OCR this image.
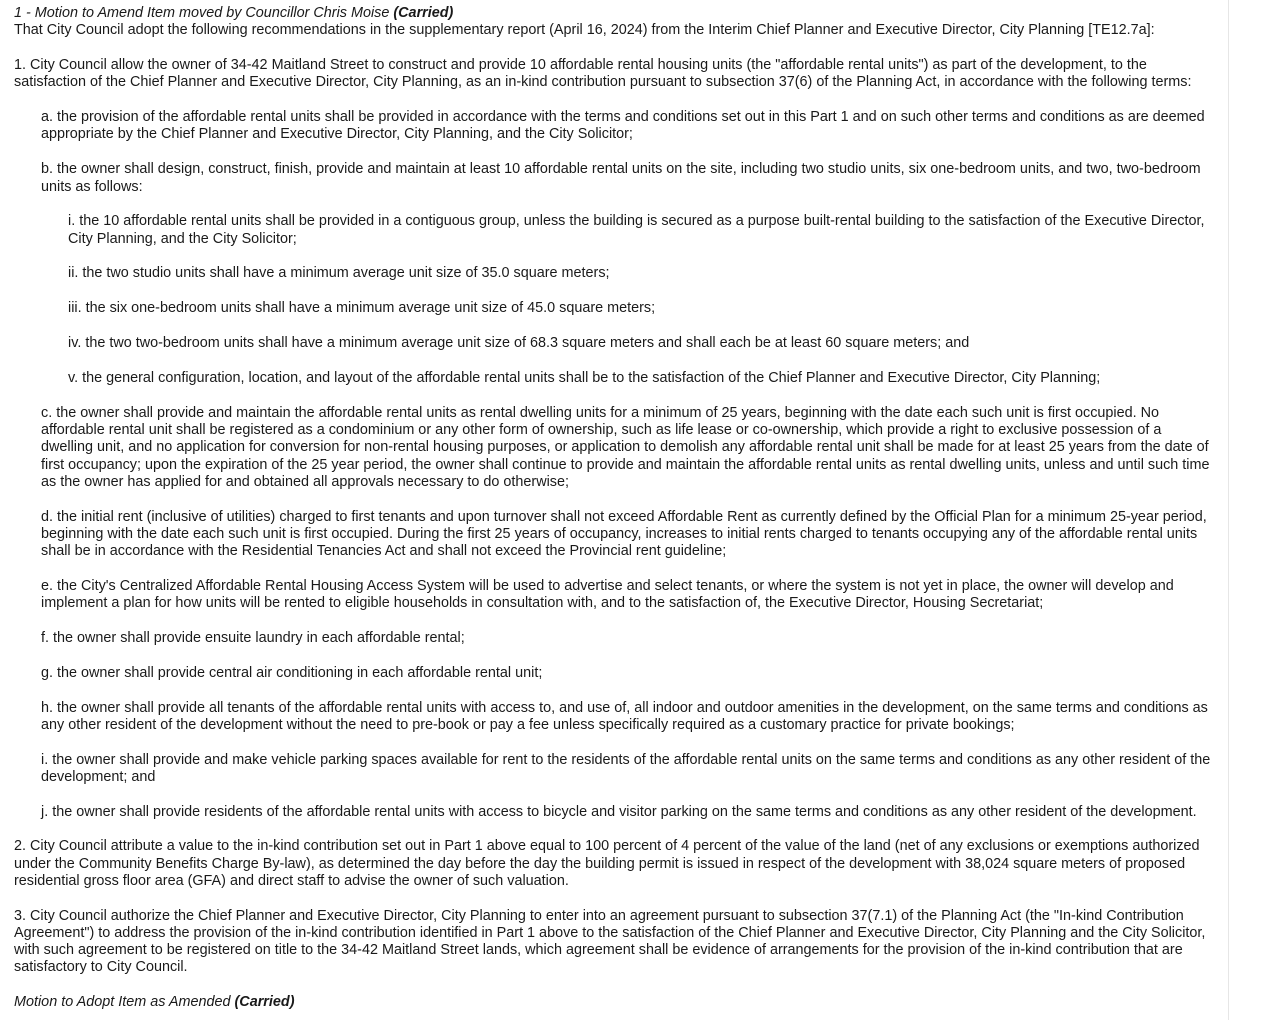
1 - Motion to Amend Item moved by Councillor Chris Moise (Carried)

That City Council adopt the following recommendations in the supplementary report (April 16, 2024) from the Interim Chief Planner and Executive Director, City Planning [TE12.7a]:

1. City Council allow the owner of 34-42 Maitland Street to construct and provide 10 affordable rental housing units (the "affordable rental units") as part of the development, to the satisfaction of the Chief Planner and Executive Director, City Planning, as an in-kind contribution pursuant to subsection 37(6) of the Planning Act, in accordance with the following terms:

a. the provision of the affordable rental units shall be provided in accordance with the terms and conditions set out in this Part 1 and on such other terms and conditions as are deemed appropriate by the Chief Planner and Executive Director, City Planning, and the City Solicitor;

b. the owner shall design, construct, finish, provide and maintain at least 10 affordable rental units on the site, including two studio units, six one-bedroom units, and two, two-bedroom units as follows:

i. the 10 affordable rental units shall be provided in a contiguous group, unless the building is secured as a purpose built-rental building to the satisfaction of the Executive Director, City Planning, and the City Solicitor;

ii. the two studio units shall have a minimum average unit size of 35.0 square meters;

iii. the six one-bedroom units shall have a minimum average unit size of 45.0 square meters;

iv. the two two-bedroom units shall have a minimum average unit size of 68.3 square meters and shall each be at least 60 square meters; and

v. the general configuration, location, and layout of the affordable rental units shall be to the satisfaction of the Chief Planner and Executive Director, City Planning;

c. the owner shall provide and maintain the affordable rental units as rental dwelling units for a minimum of 25 years, beginning with the date each such unit is first occupied. No affordable rental unit shall be registered as a condominium or any other form of ownership, such as life lease or co-ownership, which provide a right to exclusive possession of a dwelling unit, and no application for conversion for non-rental housing purposes, or application to demolish any affordable rental unit shall be made for at least 25 years from the date of first occupancy; upon the expiration of the 25 year period, the owner shall continue to provide and maintain the affordable rental units as rental dwelling units, unless and until such time as the owner has applied for and obtained all approvals necessary to do otherwise;

d. the initial rent (inclusive of utilities) charged to first tenants and upon turnover shall not exceed Affordable Rent as currently defined by the Official Plan for a minimum 25-year period, beginning with the date each such unit is first occupied. During the first 25 years of occupancy, increases to initial rents charged to tenants occupying any of the affordable rental units shall be in accordance with the Residential Tenancies Act and shall not exceed the Provincial rent guideline;

e. the City's Centralized Affordable Rental Housing Access System will be used to advertise and select tenants, or where the system is not yet in place, the owner will develop and implement a plan for how units will be rented to eligible households in consultation with, and to the satisfaction of, the Executive Director, Housing Secretariat;

f. the owner shall provide ensuite laundry in each affordable rental;

g. the owner shall provide central air conditioning in each affordable rental unit;

h. the owner shall provide all tenants of the affordable rental units with access to, and use of, all indoor and outdoor amenities in the development, on the same terms and conditions as any other resident of the development without the need to pre-book or pay a fee unless specifically required as a customary practice for private bookings;

i. the owner shall provide and make vehicle parking spaces available for rent to the residents of the affordable rental units on the same terms and conditions as any other resident of the development; and

j. the owner shall provide residents of the affordable rental units with access to bicycle and visitor parking on the same terms and conditions as any other resident of the development.

2. City Council attribute a value to the in-kind contribution set out in Part 1 above equal to 100 percent of 4 percent of the value of the land (net of any exclusions or exemptions authorized under the Community Benefits Charge By-law), as determined the day before the day the building permit is issued in respect of the development with 38,024 square meters of proposed residential gross floor area (GFA) and direct staff to advise the owner of such valuation.

3. City Council authorize the Chief Planner and Executive Director, City Planning to enter into an agreement pursuant to subsection 37(7.1) of the Planning Act (the "In-kind Contribution Agreement") to address the provision of the in-kind contribution identified in Part 1 above to the satisfaction of the Chief Planner and Executive Director, City Planning and the City Solicitor, with such agreement to be registered on title to the 34-42 Maitland Street lands, which agreement shall be evidence of arrangements for the provision of the in-kind contribution that are satisfactory to City Council.

Motion to Adopt Item as Amended (Carried)
